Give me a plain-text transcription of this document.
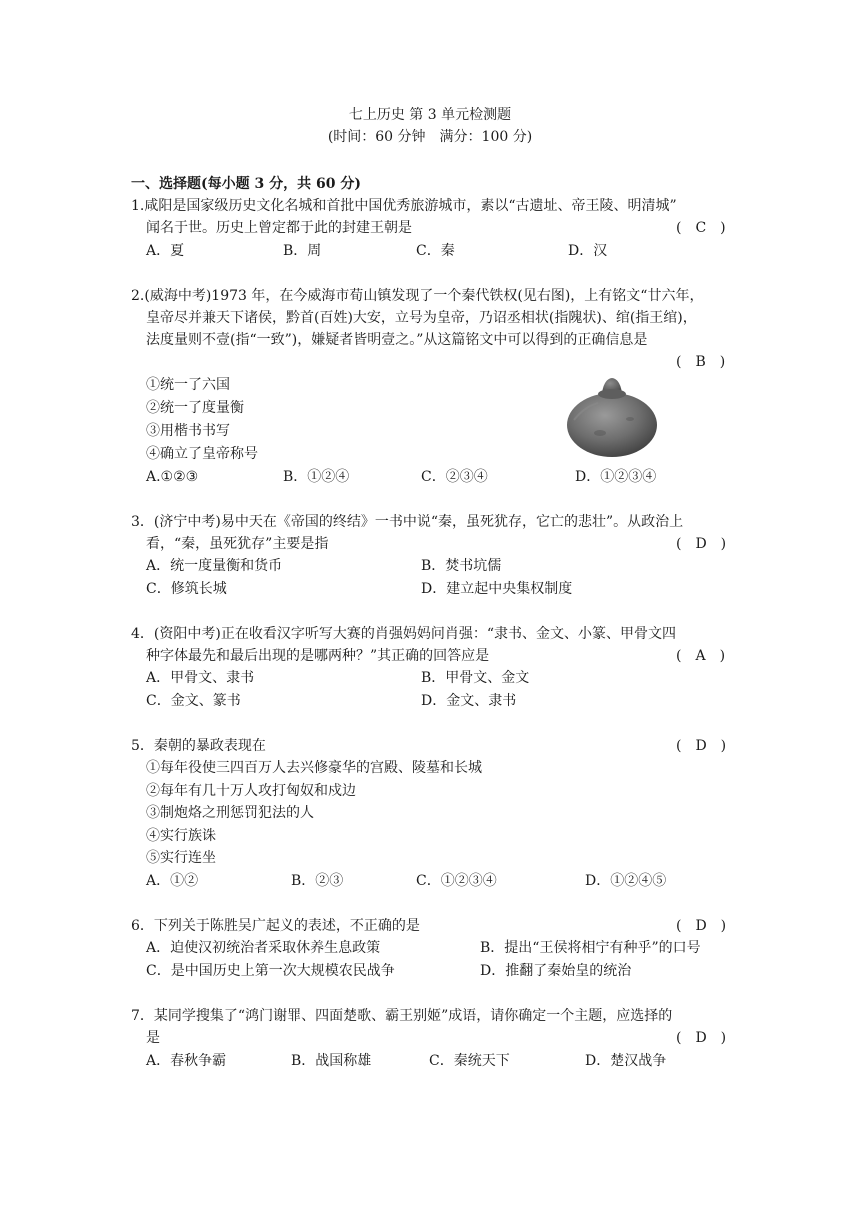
七上历史 第 3 单元检测题
(时间：60 分钟　满分：100 分)
一、选择题(每小题 3 分，共 60 分)
1.咸阳是国家级历史文化名城和首批中国优秀旅游城市，素以“古遗址、帝王陵、明清城”
闻名于世。历史上曾定都于此的封建王朝是	(　C　)
A．夏	B．周	C．秦	D．汉
2.(威海中考)1973 年，在今威海市荀山镇发现了一个秦代铁权(见右图)，上有铭文“廿六年，
皇帝尽并兼天下诸侯，黔首(百姓)大安，立号为皇帝，乃诏丞相状(指隗状)、绾(指王绾)，
法度量则不壹(指“一致”)，嫌疑者皆明壹之。”从这篇铭文中可以得到的正确信息是
(　B　)
①统一了六国
②统一了度量衡
③用楷书书写
④确立了皇帝称号
A.①②③	B．①②④	C．②③④	D．①②③④
3．(济宁中考)易中天在《帝国的终结》一书中说“秦，虽死犹存，它亡的悲壮”。从政治上
看，“秦，虽死犹存”主要是指	(　D　)
A．统一度量衡和货币	B．焚书坑儒
C．修筑长城	D．建立起中央集权制度
4．(资阳中考)正在收看汉字听写大赛的肖强妈妈问肖强：“隶书、金文、小篆、甲骨文四
种字体最先和最后出现的是哪两种？”其正确的回答应是	(　A　)
A．甲骨文、隶书	B．甲骨文、金文
C．金文、篆书	D．金文、隶书
5．秦朝的暴政表现在	(　D　)
①每年役使三四百万人去兴修豪华的宫殿、陵墓和长城
②每年有几十万人攻打匈奴和戍边
③制炮烙之刑惩罚犯法的人
④实行族诛
⑤实行连坐
A．①②	B．②③	C．①②③④	D．①②④⑤
6．下列关于陈胜吴广起义的表述，不正确的是	(　D　)
A．迫使汉初统治者采取休养生息政策	B．提出“王侯将相宁有种乎”的口号
C．是中国历史上第一次大规模农民战争	D．推翻了秦始皇的统治
7．某同学搜集了“鸿门谢罪、四面楚歌、霸王别姬”成语，请你确定一个主题，应选择的
是	(　D　)
A．春秋争霸	B．战国称雄	C．秦统天下	D．楚汉战争
